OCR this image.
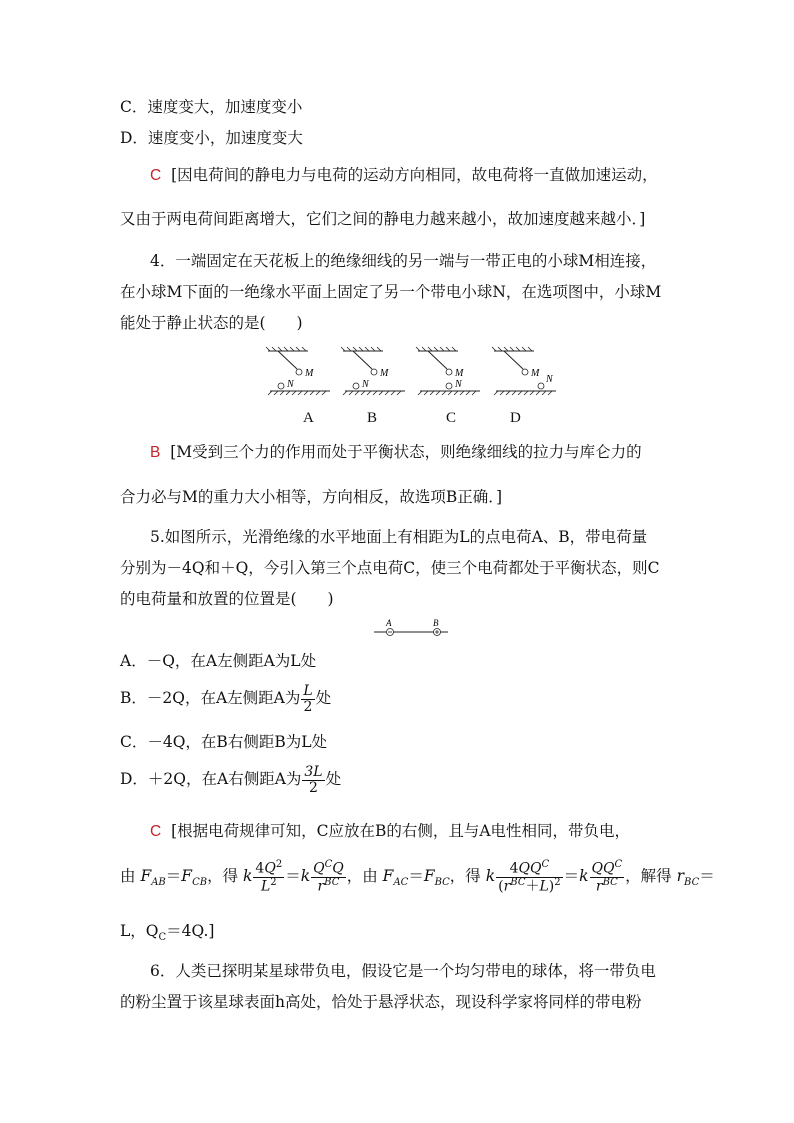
C．速度变大，加速度变小
D．速度变小，加速度变大
C [因电荷间的静电力与电荷的运动方向相同，故电荷将一直做加速运动，
又由于两电荷间距离增大，它们之间的静电力越来越小，故加速度越来越小．]
4．一端固定在天花板上的绝缘细线的另一端与一带正电的小球M相连接，
在小球M下面的一绝缘水平面上固定了另一个带电小球N，在选项图中，小球M
能处于静止状态的是(　　)
M
N
M
N
M
N
M
N
A	B	C	D
B [M受到三个力的作用而处于平衡状态，则绝缘细线的拉力与库仑力的
合力必与M的重力大小相等，方向相反，故选项B正确．]
5.如图所示，光滑绝缘的水平地面上有相距为L的点电荷A、B，带电荷量
分别为－4Q和＋Q，今引入第三个点电荷C，使三个电荷都处于平衡状态，则C
的电荷量和放置的位置是(　　)
A	B
A．－Q，在A左侧距A为L处
B．－2Q，在A左侧距A为 $\frac{L}{2}$ 处
C．－4Q，在B右侧距B为L处
D．＋2Q，在A右侧距A为 $\frac{3L}{2}$ 处
C [根据电荷规律可知，C应放在B的右侧，且与A电性相同，带负电，
由 $F_{AB}=F_{CB}$，得 k $\frac{4Q^2}{L^2} =k \frac{Q^CQ}{r^{BC}}$ ，由 $F_{AC}=F_{BC}$，得 k $\frac{4QQ^C}{(r^{BC}+L)^2} =k \frac{QQ^C}{r^{BC}}$ ，解得 $r_{BC}=$
L，$Q_C=4Q$.]
6．人类已探明某星球带负电，假设它是一个均匀带电的球体，将一带负电
的粉尘置于该星球表面h高处，恰处于悬浮状态，现设科学家将同样的带电粉
